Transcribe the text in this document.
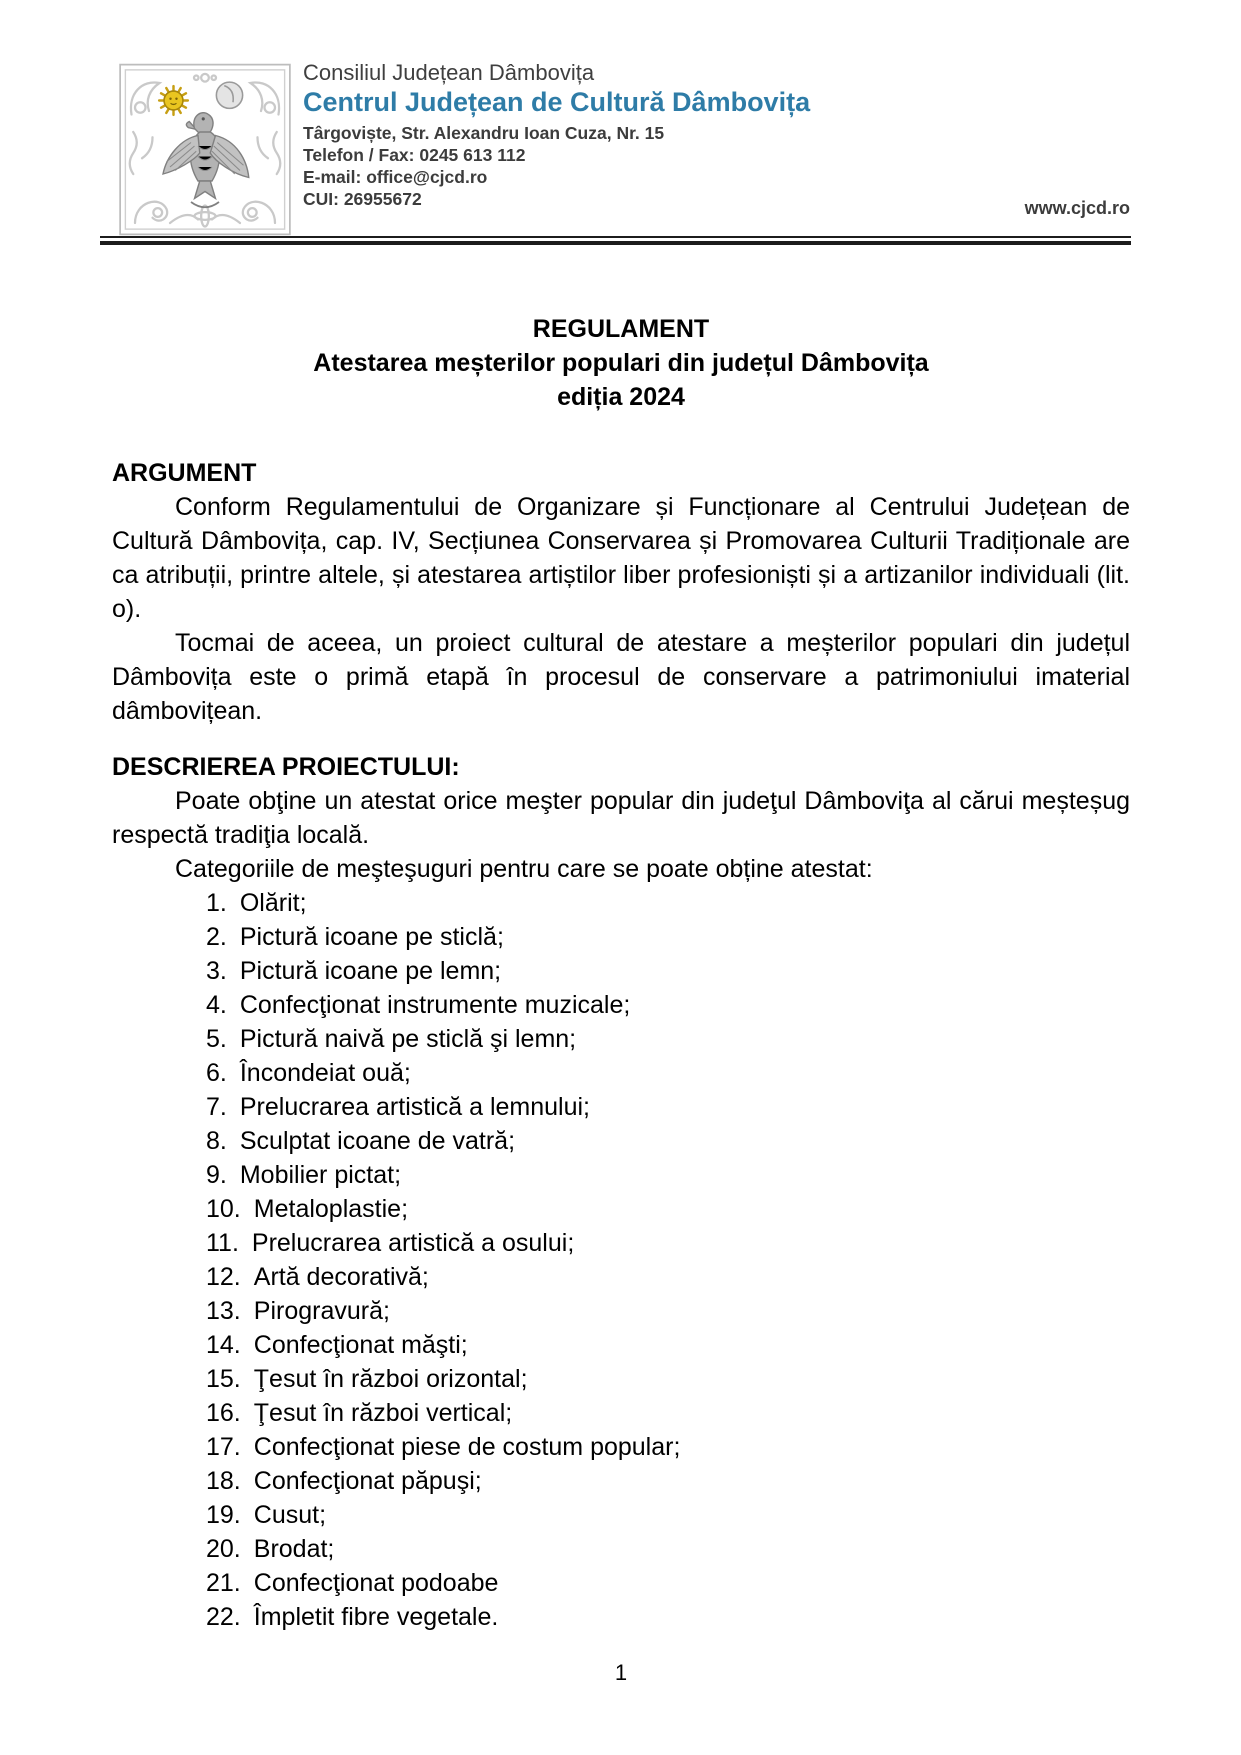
Consiliul Județean Dâmbovița
Centrul Județean de Cultură Dâmbovița
Târgoviște, Str. Alexandru Ioan Cuza, Nr. 15
Telefon / Fax: 0245 613 112
E-mail: office@cjcd.ro
CUI: 26955672	www.cjcd.ro
REGULAMENT
Atestarea meșterilor populari din județul Dâmbovița
ediția 2024
ARGUMENT

Conform Regulamentului de Organizare și Funcționare al Centrului Județean de Cultură Dâmbovița, cap. IV, Secțiunea Conservarea și Promovarea Culturii Tradiționale are ca atribuții, printre altele, și atestarea artiștilor liber profesioniști și a artizanilor individuali (lit. o).

Tocmai de aceea, un proiect cultural de atestare a meșterilor populari din județul Dâmbovița este o primă etapă în procesul de conservare a patrimoniului imaterial dâmbovițean.

DESCRIEREA PROIECTULUI:

Poate obţine un atestat orice meşter popular din judeţul Dâmboviţa al cărui meșteșug respectă tradiţia locală.

Categoriile de meşteşuguri pentru care se poate obține atestat:

1. Olărit;
2. Pictură icoane pe sticlă;
3. Pictură icoane pe lemn;
4. Confecţionat instrumente muzicale;
5. Pictură naivă pe sticlă şi lemn;
6. Încondeiat ouă;
7. Prelucrarea artistică a lemnului;
8. Sculptat icoane de vatră;
9. Mobilier pictat;
10. Metaloplastie;
11. Prelucrarea artistică a osului;
12. Artă decorativă;
13. Pirogravură;
14. Confecţionat măşti;
15. Ţesut în război orizontal;
16. Ţesut în război vertical;
17. Confecţionat piese de costum popular;
18. Confecţionat păpuşi;
19. Cusut;
20. Brodat;
21. Confecţionat podoabe
22. Împletit fibre vegetale.
1
